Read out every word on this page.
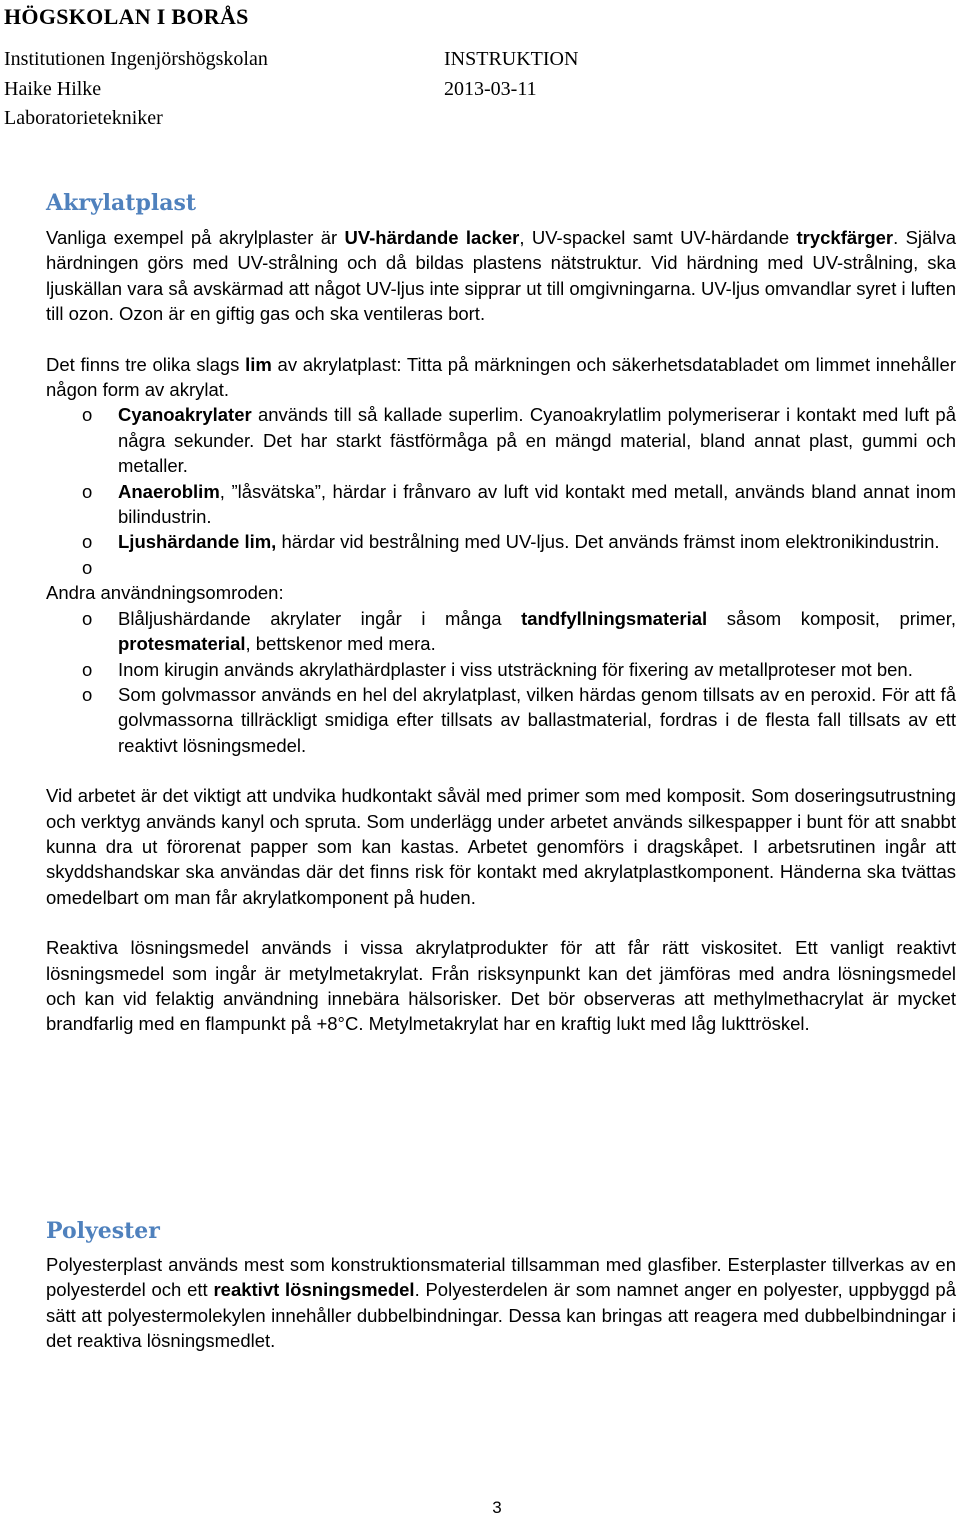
HÖGSKOLAN I BORÅS
Institutionen Ingenjörshögskolan
Haike Hilke
Laboratorietekniker
INSTRUKTION
2013-03-11
Akrylatplast

Vanliga exempel på akrylplaster är UV-härdande lacker, UV-spackel samt UV-härdande tryckfärger. Själva härdningen görs med UV-strålning och då bildas plastens nätstruktur. Vid härdning med UV-strålning, ska ljuskällan vara så avskärmad att något UV-ljus inte sipprar ut till omgivningarna. UV-ljus omvandlar syret i luften till ozon. Ozon är en giftig gas och ska ventileras bort.

Det finns tre olika slags lim av akrylatplast: Titta på märkningen och säkerhetsdatabladet om limmet innehåller någon form av akrylat.

o Cyanoakrylater används till så kallade superlim. Cyanoakrylatlim polymeriserar i kontakt med luft på några sekunder. Det har starkt fästförmåga på en mängd material, bland annat plast, gummi och metaller.
o Anaeroblim, ”låsvätska”, härdar i frånvaro av luft vid kontakt med metall, används bland annat inom bilindustrin.
o Ljushärdande lim, härdar vid bestrålning med UV-ljus. Det används främst inom elektronikindustrin.
o

Andra användningsomroden:

o Blåljushärdande akrylater ingår i många tandfyllningsmaterial såsom komposit, primer, protesmaterial, bettskenor med mera.
o Inom kirugin används akrylathärdplaster i viss utsträckning för fixering av metallproteser mot ben.
o Som golvmassor används en hel del akrylatplast, vilken härdas genom tillsats av en peroxid. För att få golvmassorna tillräckligt smidiga efter tillsats av ballastmaterial, fordras i de flesta fall tillsats av ett reaktivt lösningsmedel.

Vid arbetet är det viktigt att undvika hudkontakt såväl med primer som med komposit. Som doseringsutrustning och verktyg används kanyl och spruta. Som underlägg under arbetet används silkespapper i bunt för att snabbt kunna dra ut förorenat papper som kan kastas. Arbetet genomförs i dragskåpet. I arbetsrutinen ingår att skyddshandskar ska användas där det finns risk för kontakt med akrylatplastkomponent. Händerna ska tvättas omedelbart om man får akrylatkomponent på huden.

Reaktiva lösningsmedel används i vissa akrylatprodukter för att får rätt viskositet. Ett vanligt reaktivt lösningsmedel som ingår är metylmetakrylat. Från risksynpunkt kan det jämföras med andra lösningsmedel och kan vid felaktig användning innebära hälsorisker. Det bör observeras att methylmethacrylat är mycket brandfarlig med en flampunkt på +8°C. Metylmetakrylat har en kraftig lukt med låg lukttröskel.

Polyester

Polyesterplast används mest som konstruktionsmaterial tillsamman med glasfiber. Esterplaster tillverkas av en polyesterdel och ett reaktivt lösningsmedel. Polyesterdelen är som namnet anger en polyester, uppbyggd på sätt att polyestermolekylen innehåller dubbelbindningar. Dessa kan bringas att reagera med dubbelbindningar i det reaktiva lösningsmedlet.

3
